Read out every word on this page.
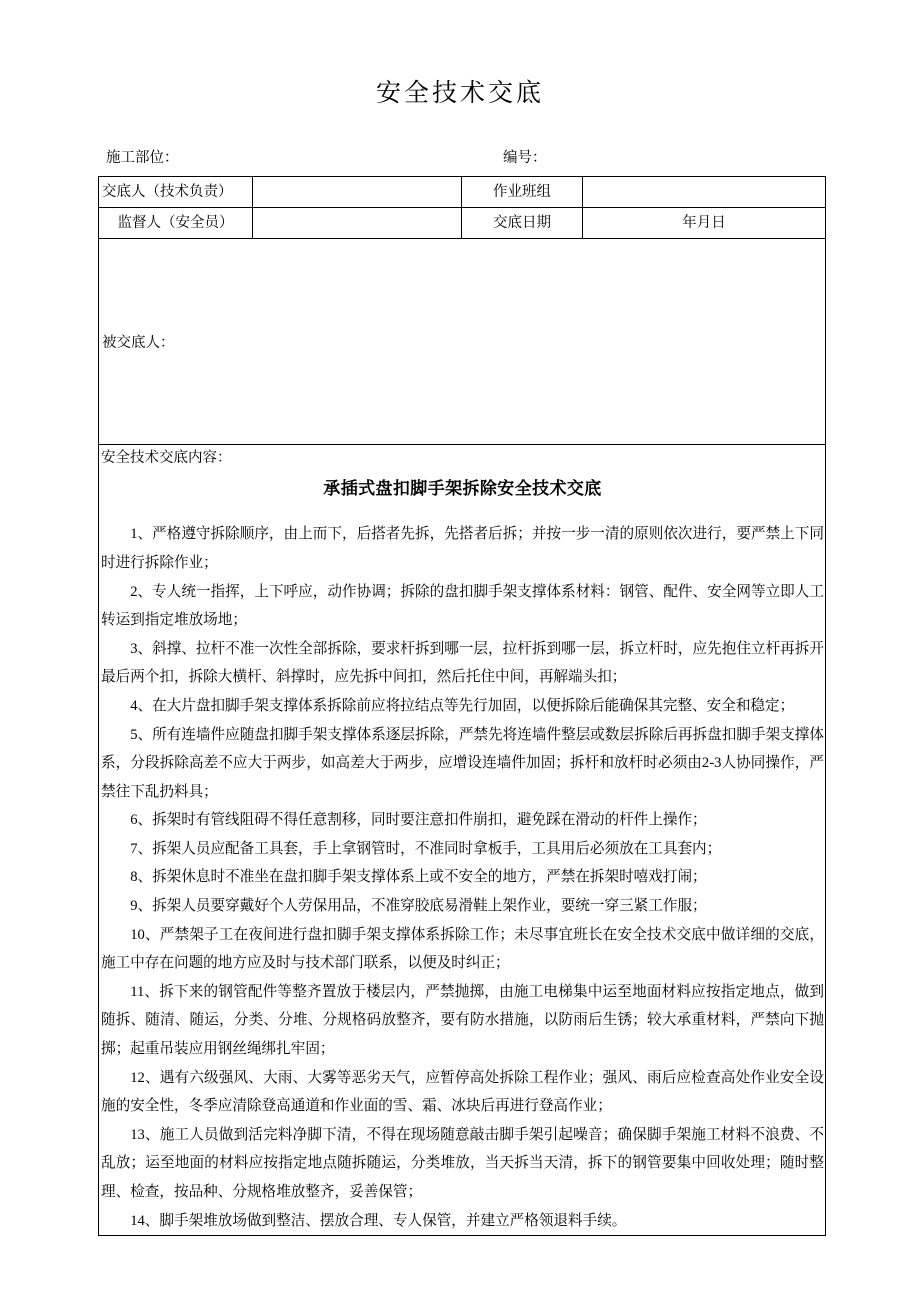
安全技术交底
施工部位：	编号：
交底人（技术负责）		作业班组	
监督人（安全员）		交底日期	年月日

被交底人：			

安全技术交底内容：
承插式盘扣脚手架拆除安全技术交底

1、严格遵守拆除顺序，由上而下，后搭者先拆，先搭者后拆；并按一步一清的原则依次进行，要严禁上下同时进行拆除作业；

2、专人统一指挥，上下呼应，动作协调；拆除的盘扣脚手架支撑体系材料：钢管、配件、安全网等立即人工转运到指定堆放场地；

3、斜撑、拉杆不准一次性全部拆除，要求杆拆到哪一层，拉杆拆到哪一层，拆立杆时，应先抱住立杆再拆开最后两个扣，拆除大横杆、斜撑时，应先拆中间扣，然后托住中间，再解端头扣；

4、在大片盘扣脚手架支撑体系拆除前应将拉结点等先行加固，以便拆除后能确保其完整、安全和稳定；

5、所有连墙件应随盘扣脚手架支撑体系逐层拆除，严禁先将连墙件整层或数层拆除后再拆盘扣脚手架支撑体系，分段拆除高差不应大于两步，如高差大于两步，应增设连墙件加固；拆杆和放杆时必须由2-3人协同操作，严禁往下乱扔料具；

6、拆架时有管线阻碍不得任意割移，同时要注意扣件崩扣，避免踩在滑动的杆件上操作；

7、拆架人员应配备工具套，手上拿钢管时，不准同时拿板手，工具用后必须放在工具套内；

8、拆架休息时不准坐在盘扣脚手架支撑体系上或不安全的地方，严禁在拆架时嘻戏打闹；

9、拆架人员要穿戴好个人劳保用品，不准穿胶底易滑鞋上架作业，要统一穿三紧工作服；

10、严禁架子工在夜间进行盘扣脚手架支撑体系拆除工作；未尽事宜班长在安全技术交底中做详细的交底，施工中存在问题的地方应及时与技术部门联系，以便及时纠正；

11、拆下来的钢管配件等整齐置放于楼层内，严禁抛掷，由施工电梯集中运至地面材料应按指定地点，做到随拆、随清、随运，分类、分堆、分规格码放整齐，要有防水措施，以防雨后生锈；较大承重材料，严禁向下抛掷；起重吊装应用钢丝绳绑扎牢固；

12、遇有六级强风、大雨、大雾等恶劣天气，应暂停高处拆除工程作业；强风、雨后应检查高处作业安全设施的安全性，冬季应清除登高通道和作业面的雪、霜、冰块后再进行登高作业；

13、施工人员做到活完料净脚下清，不得在现场随意敲击脚手架引起噪音；确保脚手架施工材料不浪费、不乱放；运至地面的材料应按指定地点随拆随运，分类堆放，当天拆当天清，拆下的钢管要集中回收处理；随时整理、检查，按品种、分规格堆放整齐，妥善保管；

14、脚手架堆放场做到整洁、摆放合理、专人保管，并建立严格领退料手续。
